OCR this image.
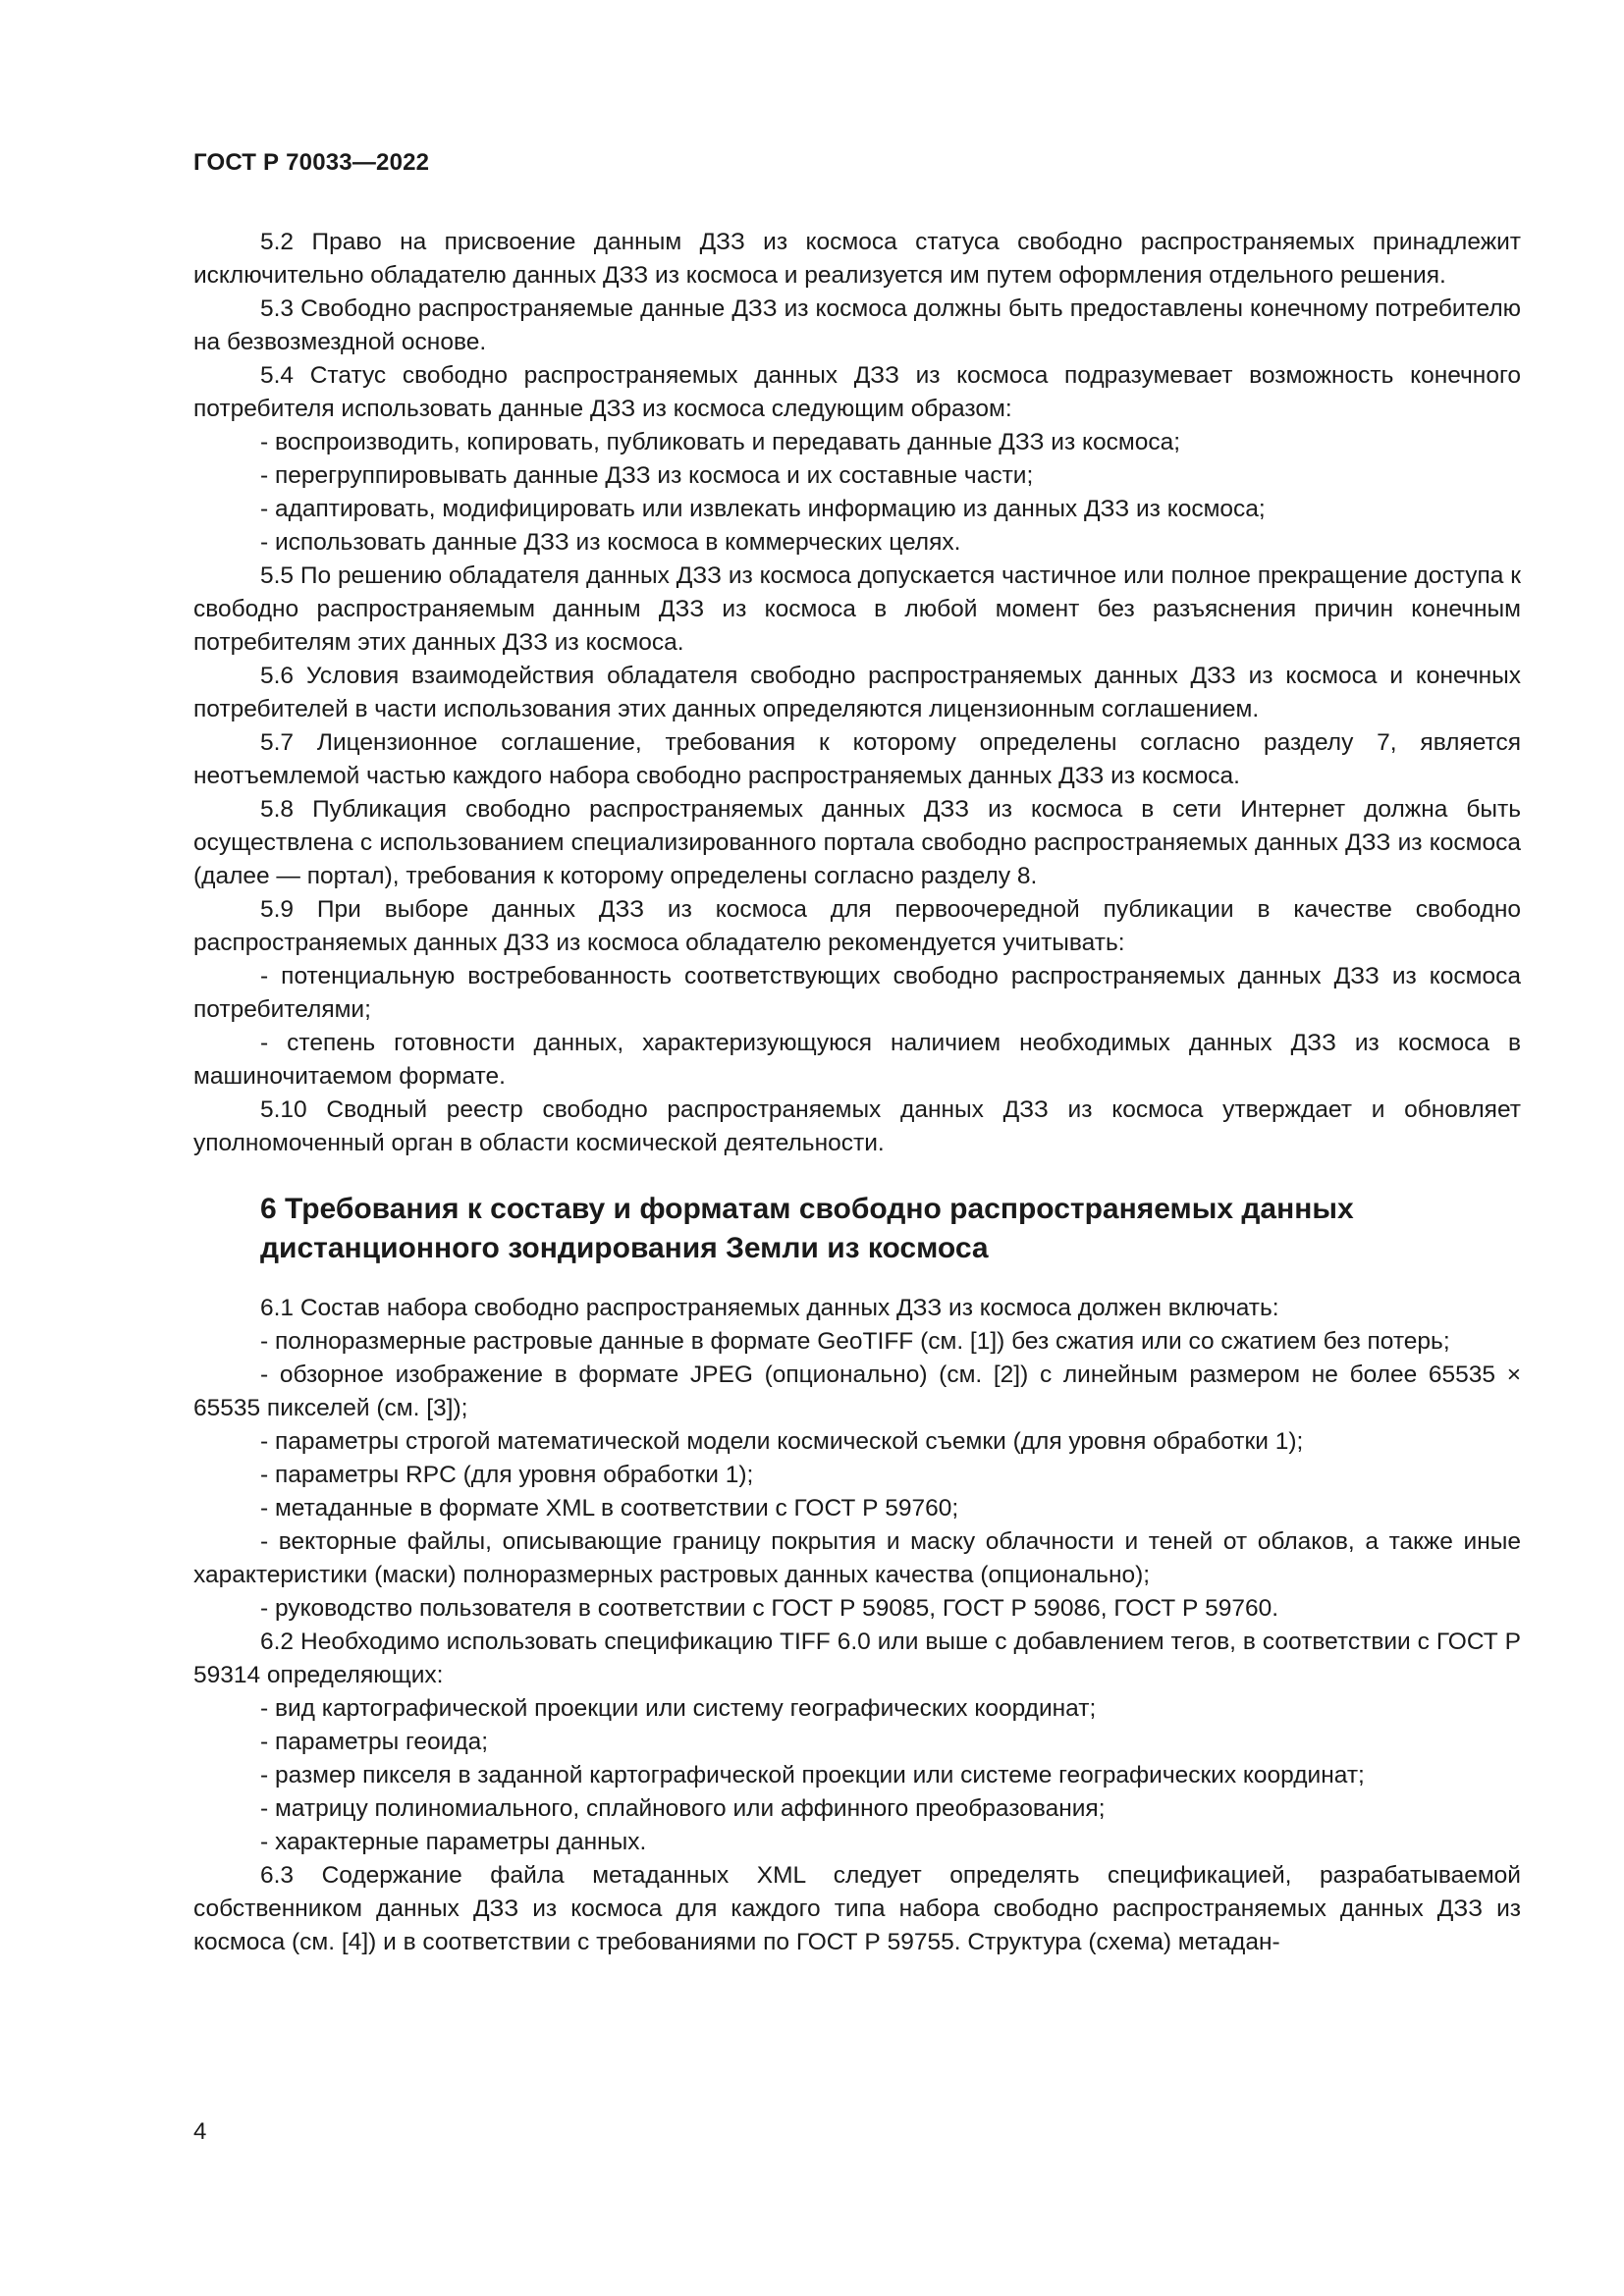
ГОСТ Р 70033—2022

5.2 Право на присвоение данным ДЗЗ из космоса статуса свободно распространяемых принадлежит исключительно обладателю данных ДЗЗ из космоса и реализуется им путем оформления отдельного решения.

5.3 Свободно распространяемые данные ДЗЗ из космоса должны быть предоставлены конечному потребителю на безвозмездной основе.

5.4 Статус свободно распространяемых данных ДЗЗ из космоса подразумевает возможность конечного потребителя использовать данные ДЗЗ из космоса следующим образом:

- воспроизводить, копировать, публиковать и передавать данные ДЗЗ из космоса;

- перегруппировывать данные ДЗЗ из космоса и их составные части;

- адаптировать, модифицировать или извлекать информацию из данных ДЗЗ из космоса;

- использовать данные ДЗЗ из космоса в коммерческих целях.

5.5 По решению обладателя данных ДЗЗ из космоса допускается частичное или полное прекращение доступа к свободно распространяемым данным ДЗЗ из космоса в любой момент без разъяснения причин конечным потребителям этих данных ДЗЗ из космоса.

5.6 Условия взаимодействия обладателя свободно распространяемых данных ДЗЗ из космоса и конечных потребителей в части использования этих данных определяются лицензионным соглашением.

5.7 Лицензионное соглашение, требования к которому определены согласно разделу 7, является неотъемлемой частью каждого набора свободно распространяемых данных ДЗЗ из космоса.

5.8 Публикация свободно распространяемых данных ДЗЗ из космоса в сети Интернет должна быть осуществлена с использованием специализированного портала свободно распространяемых данных ДЗЗ из космоса (далее — портал), требования к которому определены согласно разделу 8.

5.9 При выборе данных ДЗЗ из космоса для первоочередной публикации в качестве свободно распространяемых данных ДЗЗ из космоса обладателю рекомендуется учитывать:

- потенциальную востребованность соответствующих свободно распространяемых данных ДЗЗ из космоса потребителями;

- степень готовности данных, характеризующуюся наличием необходимых данных ДЗЗ из космоса в машиночитаемом формате.

5.10 Сводный реестр свободно распространяемых данных ДЗЗ из космоса утверждает и обновляет уполномоченный орган в области космической деятельности.

6 Требования к составу и форматам свободно распространяемых данных
дистанционного зондирования Земли из космоса

6.1 Состав набора свободно распространяемых данных ДЗЗ из космоса должен включать:

- полноразмерные растровые данные в формате GeoTIFF (см. [1]) без сжатия или со сжатием без потерь;

- обзорное изображение в формате JPEG (опционально) (см. [2]) с линейным размером не более 65535 × 65535 пикселей (см. [3]);

- параметры строгой математической модели космической съемки (для уровня обработки 1);

- параметры RPC (для уровня обработки 1);

- метаданные в формате XML в соответствии с ГОСТ Р 59760;

- векторные файлы, описывающие границу покрытия и маску облачности и теней от облаков, а также иные характеристики (маски) полноразмерных растровых данных качества (опционально);

- руководство пользователя в соответствии с ГОСТ Р 59085, ГОСТ Р 59086, ГОСТ Р 59760.

6.2 Необходимо использовать спецификацию TIFF 6.0 или выше с добавлением тегов, в соответствии с ГОСТ Р 59314 определяющих:

- вид картографической проекции или систему географических координат;

- параметры геоида;

- размер пикселя в заданной картографической проекции или системе географических координат;

- матрицу полиномиального, сплайнового или аффинного преобразования;

- характерные параметры данных.

6.3 Содержание файла метаданных XML следует определять спецификацией, разрабатываемой собственником данных ДЗЗ из космоса для каждого типа набора свободно распространяемых данных ДЗЗ из космоса (см. [4]) и в соответствии с требованиями по ГОСТ Р 59755. Структура (схема) метадан-

4
